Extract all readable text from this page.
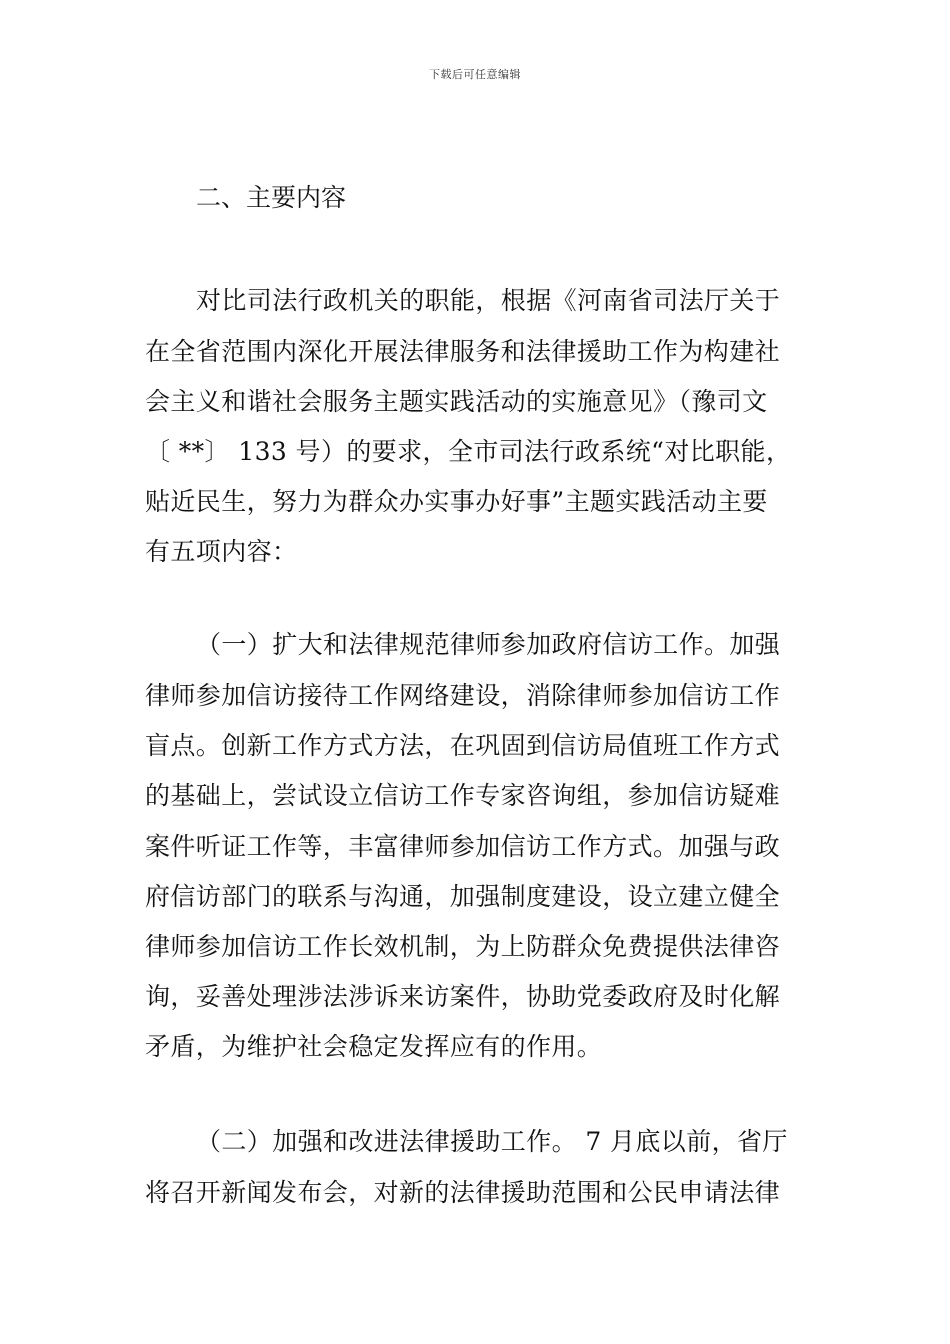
下载后可任意编辑
二、主要内容
对比司法行政机关的职能，根据《河南省司法厅关于
在全省范围内深化开展法律服务和法律援助工作为构建社
会主义和谐社会服务主题实践活动的实施意见》（豫司文
〔 **〕 133 号）的要求，全市司法行政系统“对比职能，
贴近民生，努力为群众办实事办好事”主题实践活动主要
有五项内容：
（一）扩大和法律规范律师参加政府信访工作。加强
律师参加信访接待工作网络建设，消除律师参加信访工作
盲点。创新工作方式方法，在巩固到信访局值班工作方式
的基础上，尝试设立信访工作专家咨询组，参加信访疑难
案件听证工作等，丰富律师参加信访工作方式。加强与政
府信访部门的联系与沟通，加强制度建设，设立建立健全
律师参加信访工作长效机制，为上防群众免费提供法律咨
询，妥善处理涉法涉诉来访案件，协助党委政府及时化解
矛盾，为维护社会稳定发挥应有的作用。
（二）加强和改进法律援助工作。 7 月底以前，省厅
将召开新闻发布会，对新的法律援助范围和公民申请法律
